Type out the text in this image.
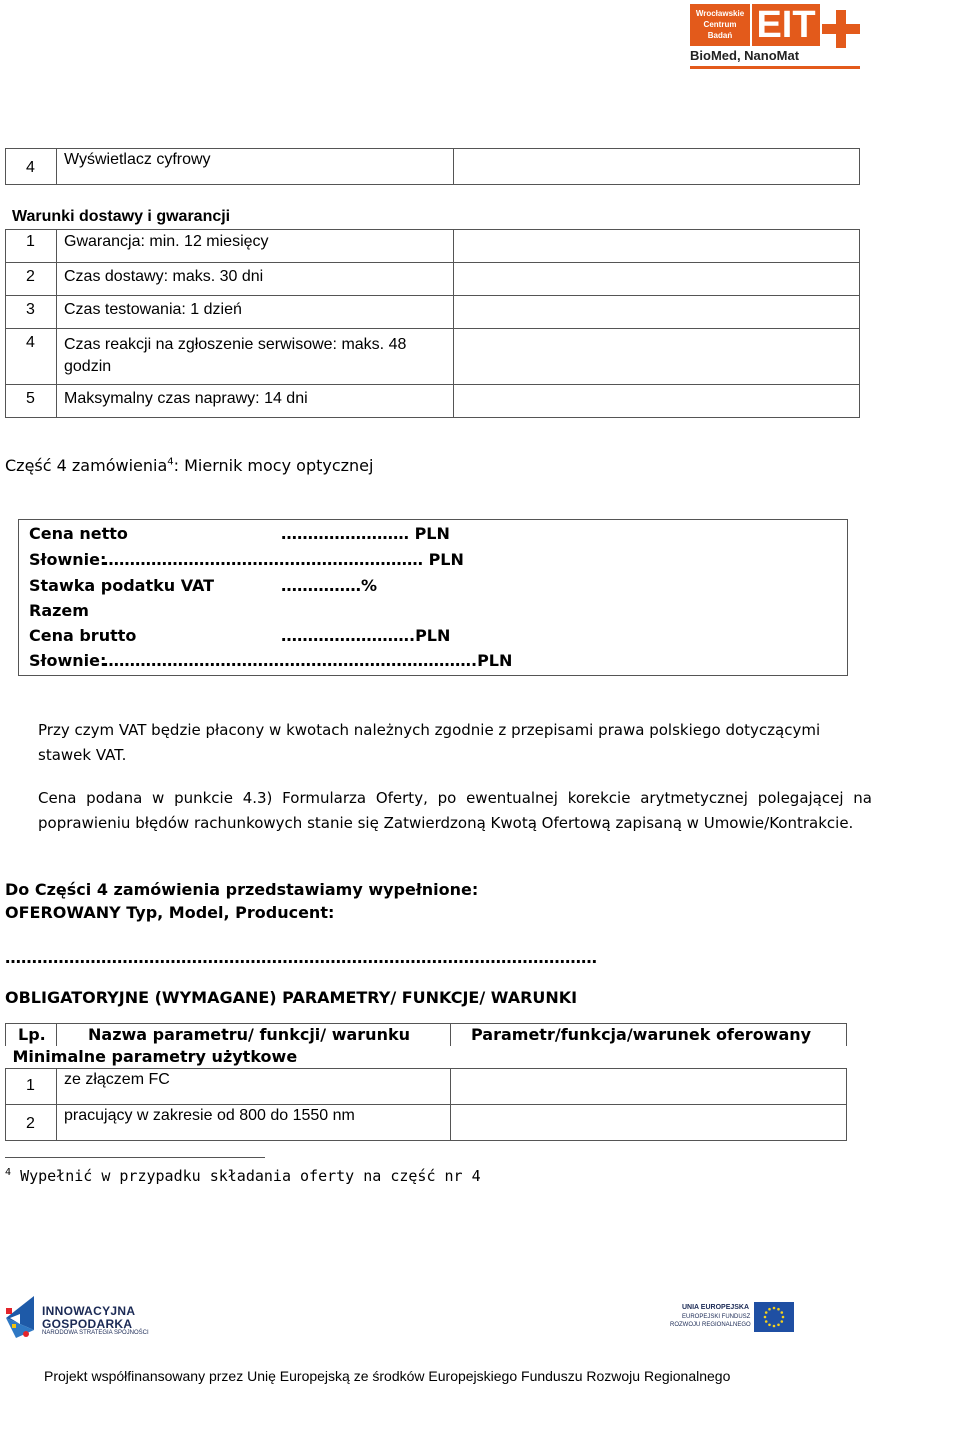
Wrocławskie
Centrum
Badań EIT
BioMed, NanoMat
4	Wyświetlacz cyfrowy

Warunki dostawy i gwarancji
1	Gwarancja: min. 12 miesięcy	

2	Czas dostawy: maks. 30 dni	

3	Czas testowania: 1 dzień	

4	Czas reakcji na zgłoszenie serwisowe: maks. 48 godzin	

5	Maksymalny czas naprawy: 14 dni	

Część 4 zamówienia$^4$: Miernik mocy optycznej
Cena netto	…………………… PLN
Słownie:
…………………………………………………… PLN
Stawka podatku VAT	……………%
Razem
Cena brutto	…………………….PLN
Słownie:
…………………………………………………………….PLN
Przy czym VAT będzie płacony w kwotach należnych zgodnie z przepisami prawa polskiego dotyczącymi stawek VAT.
Cena podana w punkcie 4.3) Formularza Oferty, po ewentualnej korekcie arytmetycznej polegającej na poprawieniu błędów rachunkowych stanie się Zatwierdzoną Kwotą Ofertową zapisaną w Umowie/Kontrakcie.
Do Części 4 zamówienia przedstawiamy wypełnione:
OFEROWANY Typ, Model, Producent:
…………………………………………………………………………………………………
OBLIGATORYJNE (WYMAGANE) PARAMETRY/ FUNKCJE/ WARUNKI
Lp.	Nazwa parametru/ funkcji/ warunku	Parametr/funkcja/warunek oferowany

Minimalne parametry użytkowe		

1	ze złączem FC	

2	pracujący w zakresie od 800 do 1550 nm	

$^4$ Wypełnić w przypadku składania oferty na część nr 4
INNOWACYJNA
GOSPODARKA
NARODOWA STRATEGIA SPÓJNOŚCI
UNIA EUROPEJSKA
EUROPEJSKI FUNDUSZ
ROZWOJU REGIONALNEGO
Projekt współfinansowany przez Unię Europejską ze środków Europejskiego Funduszu Rozwoju Regionalnego
